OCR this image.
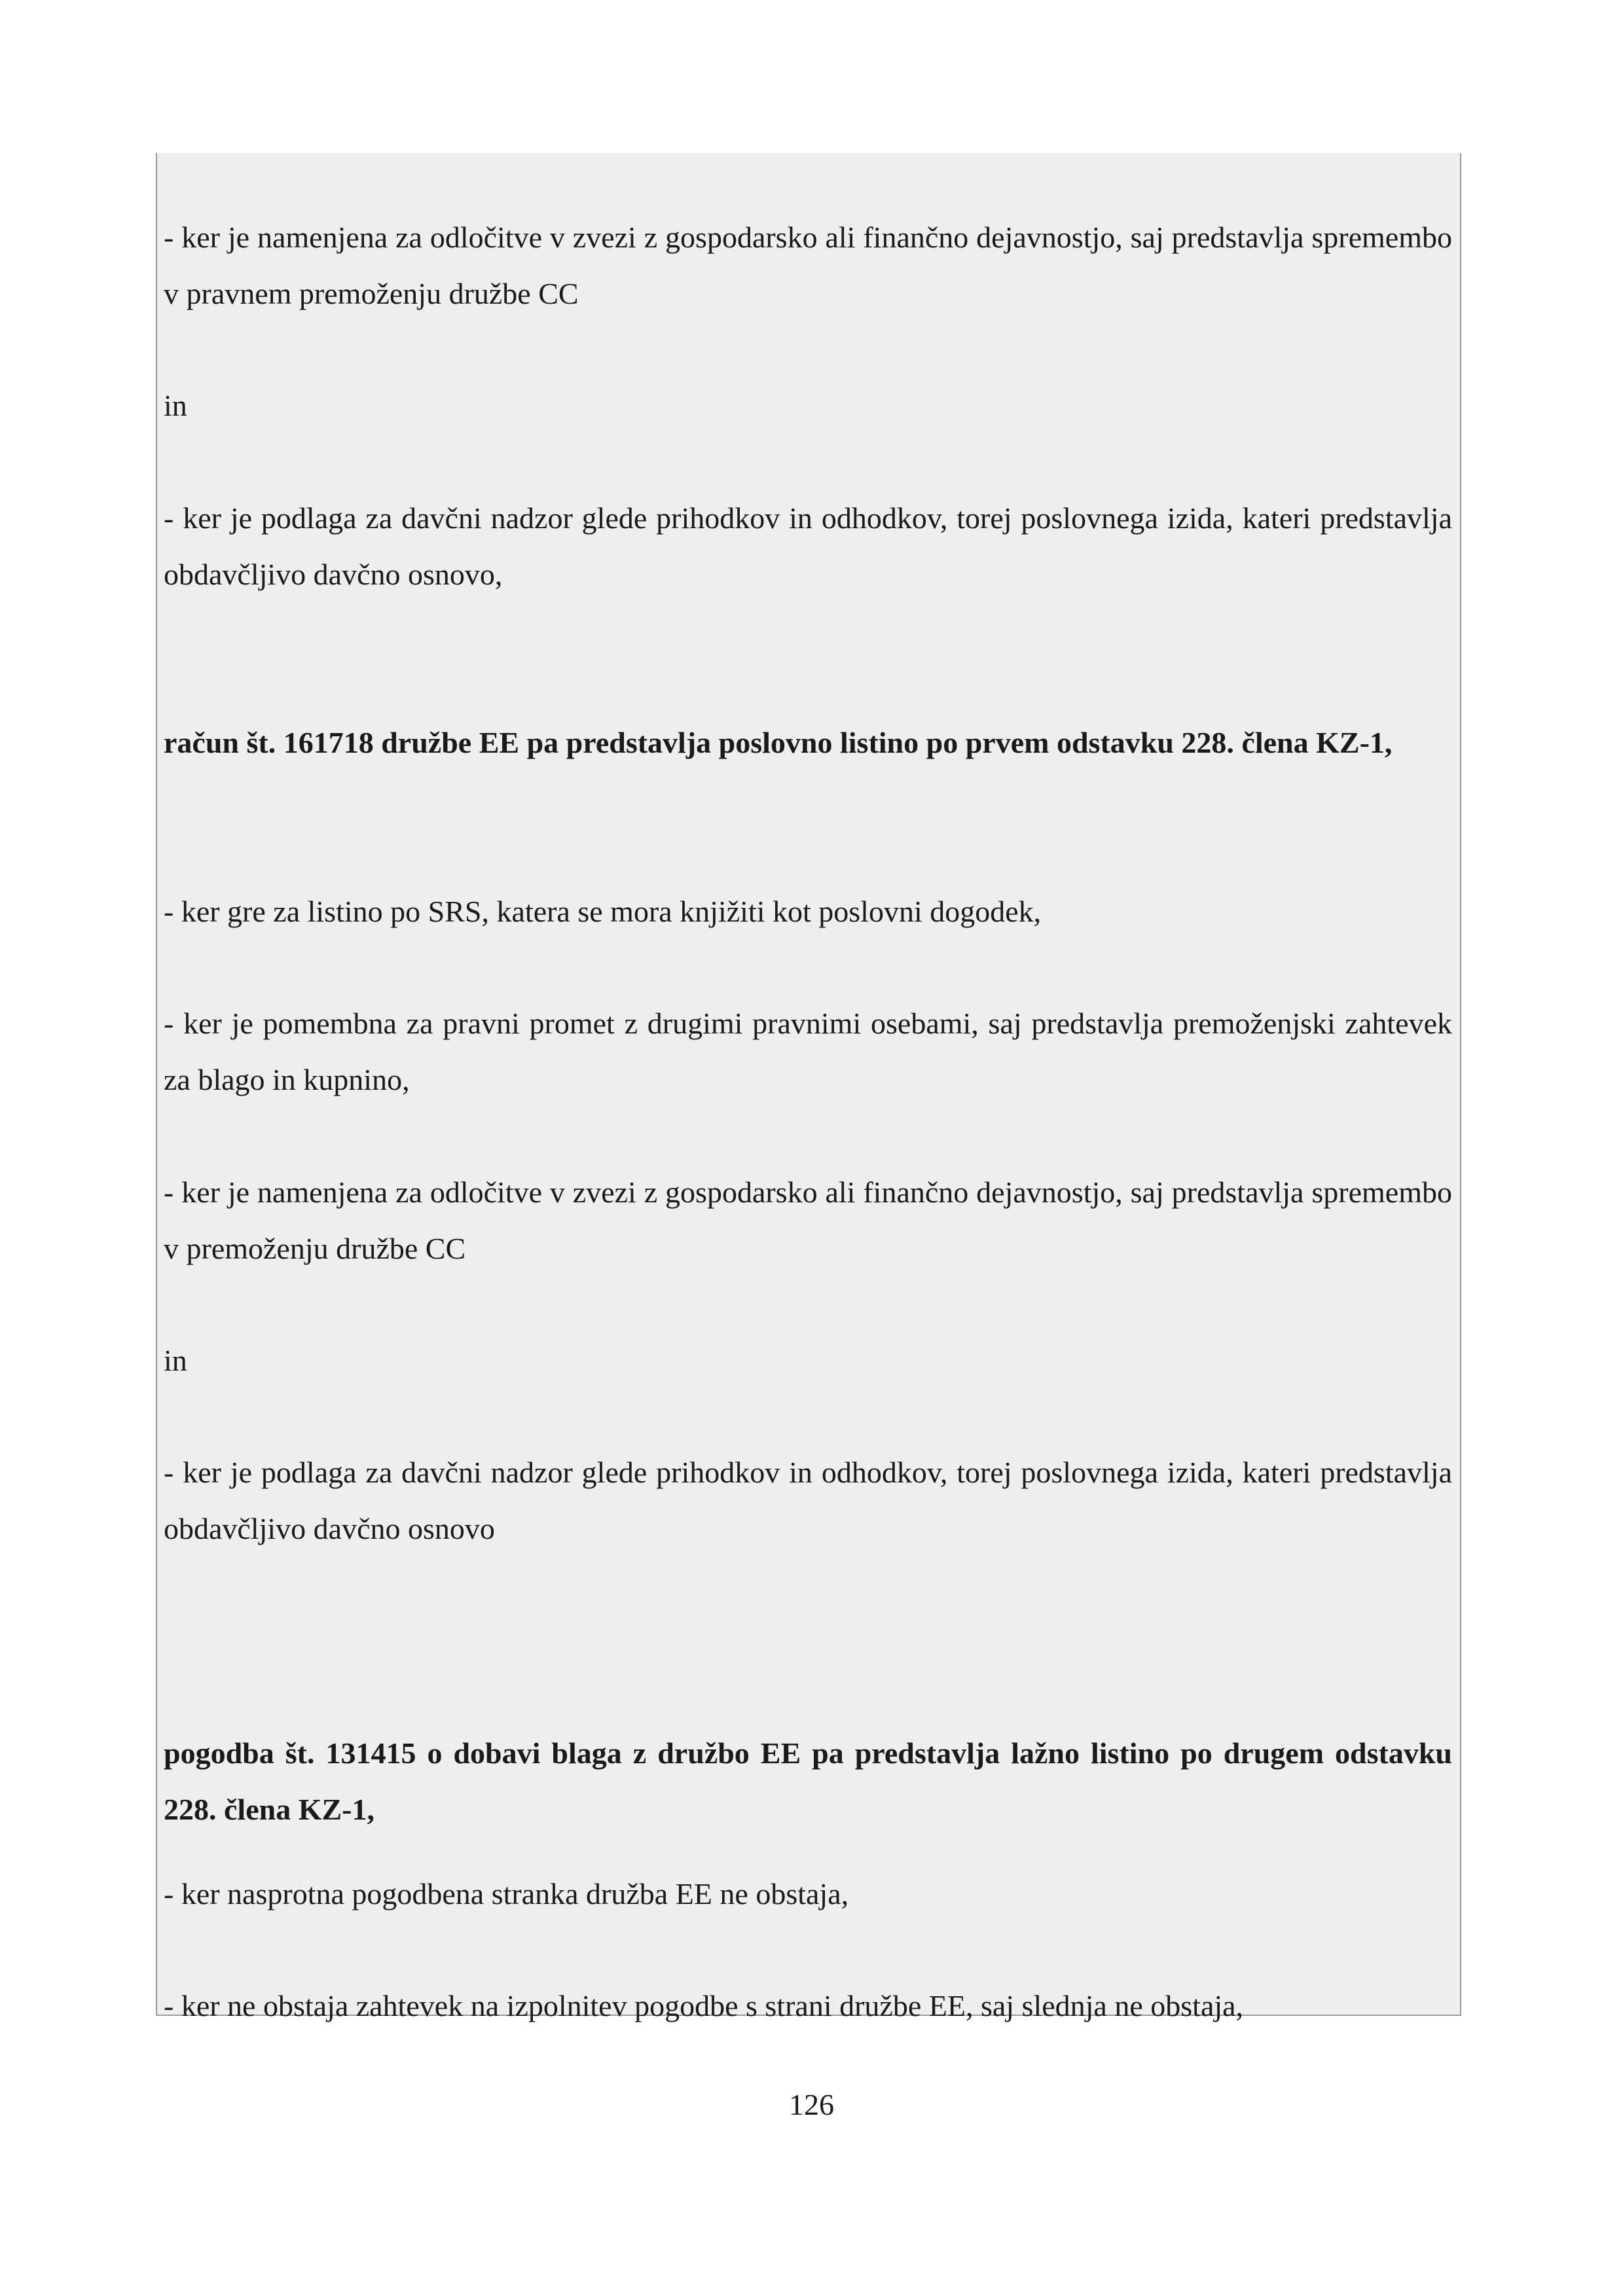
- ker je namenjena za odločitve v zvezi z gospodarsko ali finančno dejavnostjo, saj predstavlja spremembo v pravnem premoženju družbe CC

in

- ker je podlaga za davčni nadzor glede prihodkov in odhodkov, torej poslovnega izida, kateri predstavlja obdavčljivo davčno osnovo,

račun št. 161718 družbe EE pa predstavlja poslovno listino po prvem odstavku 228. člena KZ-1,

- ker gre za listino po SRS, katera se mora knjižiti kot poslovni dogodek,

- ker je pomembna za pravni promet z drugimi pravnimi osebami, saj predstavlja premoženjski zahtevek za blago in kupnino,

- ker je namenjena za odločitve v zvezi z gospodarsko ali finančno dejavnostjo, saj predstavlja spremembo v premoženju družbe CC

in

- ker je podlaga za davčni nadzor glede prihodkov in odhodkov, torej poslovnega izida, kateri predstavlja obdavčljivo davčno osnovo

pogodba št. 131415 o dobavi blaga z družbo EE pa predstavlja lažno listino po drugem odstavku 228. člena KZ-1,

- ker nasprotna pogodbena stranka družba EE ne obstaja,

- ker ne obstaja zahtevek na izpolnitev pogodbe s strani družbe EE, saj slednja ne obstaja,

126
